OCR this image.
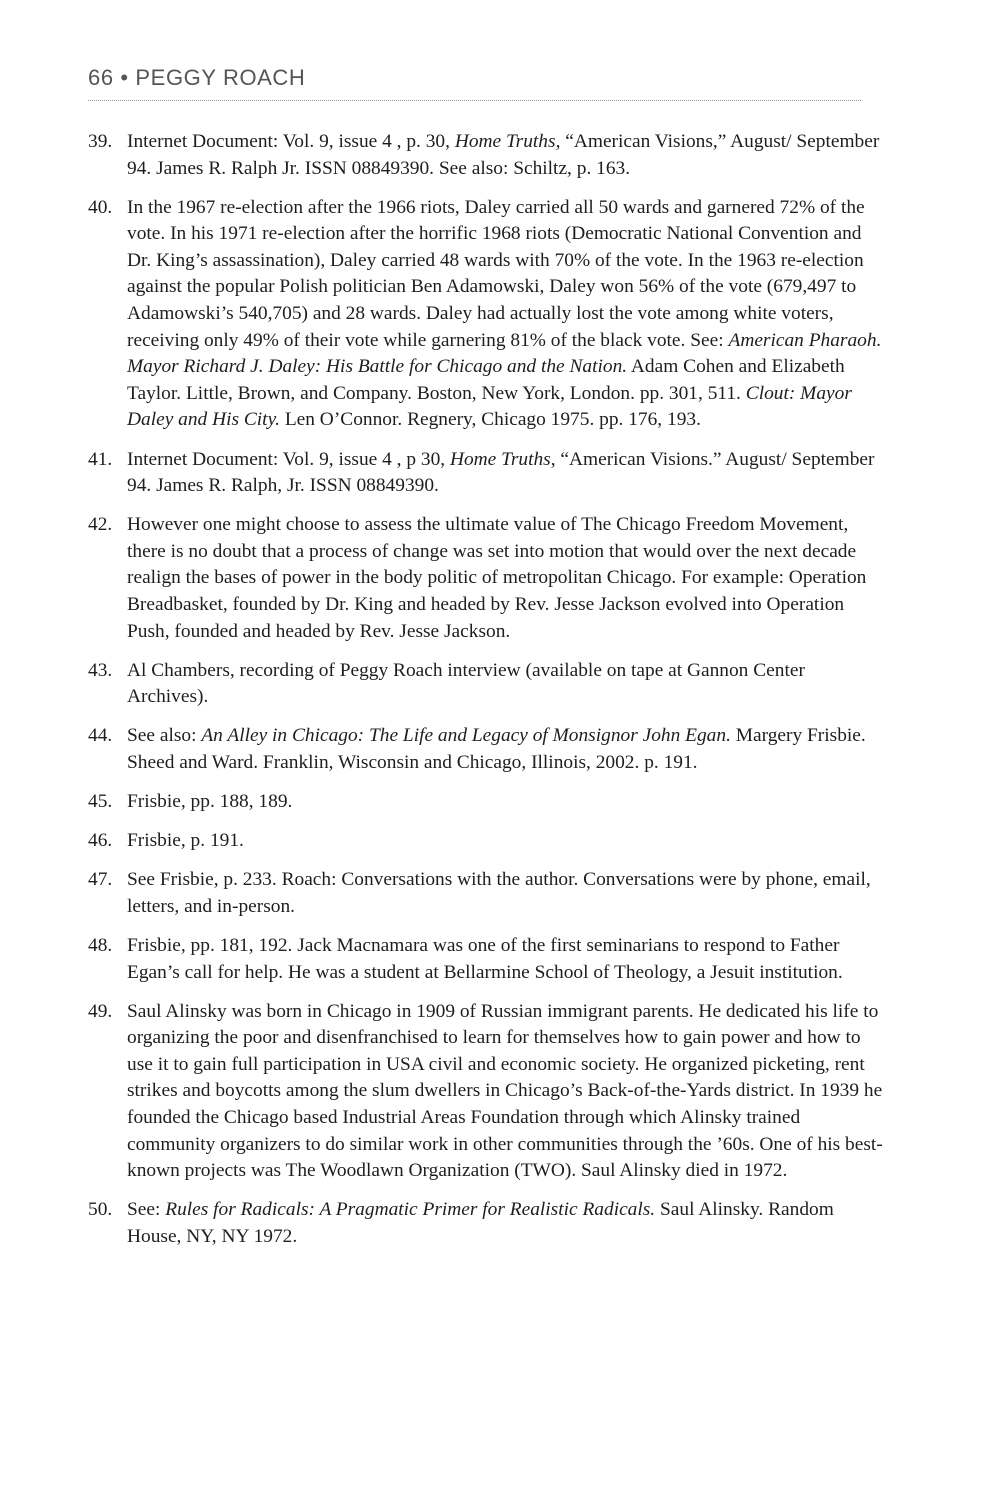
66 • PEGGY ROACH
39. Internet Document: Vol. 9, issue 4 , p. 30, Home Truths, “American Visions,” August/ September 94. James R. Ralph Jr. ISSN 08849390. See also: Schiltz, p. 163.
40. In the 1967 re-election after the 1966 riots, Daley carried all 50 wards and garnered 72% of the vote. In his 1971 re-election after the horrific 1968 riots (Democratic National Convention and Dr. King’s assassination), Daley carried 48 wards with 70% of the vote. In the 1963 re-election against the popular Polish politician Ben Adamowski, Daley won 56% of the vote (679,497 to Adamowski’s 540,705) and 28 wards. Daley had actually lost the vote among white voters, receiving only 49% of their vote while garnering 81% of the black vote. See: American Pharaoh. Mayor Richard J. Daley: His Battle for Chicago and the Nation. Adam Cohen and Elizabeth Taylor. Little, Brown, and Company. Boston, New York, London. pp. 301, 511. Clout: Mayor Daley and His City. Len O’Connor. Regnery, Chicago 1975. pp. 176, 193.
41. Internet Document: Vol. 9, issue 4 , p 30, Home Truths, “American Visions.” August/ September 94. James R. Ralph, Jr. ISSN 08849390.
42. However one might choose to assess the ultimate value of The Chicago Freedom Movement, there is no doubt that a process of change was set into motion that would over the next decade realign the bases of power in the body politic of metropolitan Chicago. For example: Operation Breadbasket, founded by Dr. King and headed by Rev. Jesse Jackson evolved into Operation Push, founded and headed by Rev. Jesse Jackson.
43. Al Chambers, recording of Peggy Roach interview (available on tape at Gannon Center Archives).
44. See also: An Alley in Chicago: The Life and Legacy of Monsignor John Egan. Margery Frisbie. Sheed and Ward. Franklin, Wisconsin and Chicago, Illinois, 2002. p. 191.
45. Frisbie, pp. 188, 189.
46. Frisbie, p. 191.
47. See Frisbie, p. 233. Roach: Conversations with the author. Conversations were by phone, email, letters, and in-person.
48. Frisbie, pp. 181, 192. Jack Macnamara was one of the first seminarians to respond to Father Egan’s call for help. He was a student at Bellarmine School of Theology, a Jesuit institution.
49. Saul Alinsky was born in Chicago in 1909 of Russian immigrant parents. He dedicated his life to organizing the poor and disenfranchised to learn for themselves how to gain power and how to use it to gain full participation in USA civil and economic society. He organized picketing, rent strikes and boycotts among the slum dwellers in Chicago’s Back-of-the-Yards district. In 1939 he founded the Chicago based Industrial Areas Foundation through which Alinsky trained community organizers to do similar work in other communities through the ’60s. One of his best-known projects was The Woodlawn Organization (TWO). Saul Alinsky died in 1972.
50. See: Rules for Radicals: A Pragmatic Primer for Realistic Radicals. Saul Alinsky. Random House, NY, NY 1972.
